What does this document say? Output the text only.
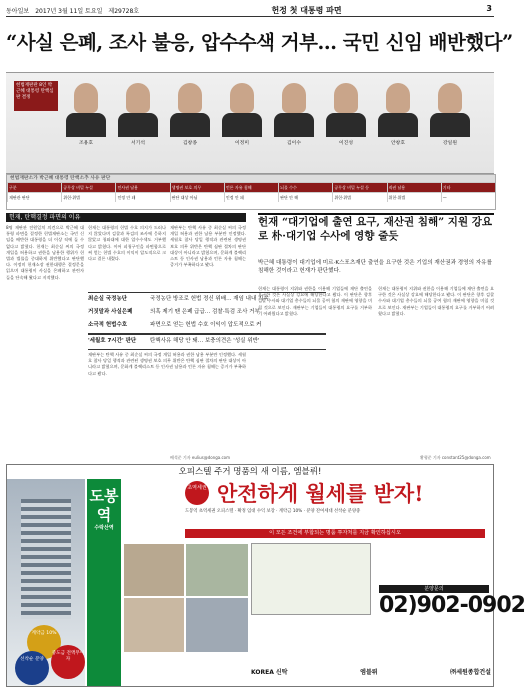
동아일보 2017년 3월 11일 토요일 제29728호	헌정 첫 대통령 파면	3
“사실 은폐, 조사 불응, 압수수색 거부… 국민 신임 배반했다”
헌법재판관 8인 박근혜 대통령 탄핵심판 결정
조용호	서기석	김창종	이정미	김이수	이진성	안창호	강일원
헌법재판소가 박근혜 대통령 탄핵소추 사유 판단
구분	공무상 비밀 누설	인사권 남용	생명권 보호 의무	언론 자유 침해	뇌물 수수	공무상 비밀 누설 등	직권 남용	기타
재판관 판단	위헌·위법	인정 안 돼	판단 대상 아님	인정 안 돼	판단 안 해	위헌·위법	위헌·위법	—
헌재, 탄핵결정 파면의 이유
8명 재판관 전원일치 의견으로 박근혜 대통령 파면을 결정한 헌법재판소는 국민 신임을 배반한 대통령을 더 이상 직에 둘 수 없다고 밝혔다. 헌재는 최순실 씨의 국정 개입을 허용하고 권한을 남용한 행위가 헌법과 법률을 중대하게 위반했다고 판단했다. 이정미 헌재소장 권한대행은 결정문을 읽으며 대통령이 사실을 은폐하고 관련자들을 단속해 왔다고 지적했다.
헌재는 대통령의 헌법 수호 의지가 드러나지 않았다며 검찰과 특검의 조사에 응하지 않았고 청와대에 대한 압수수색도 거부했다고 밝혔다. 이어 피청구인을 파면함으로써 얻는 헌법 수호의 이익이 압도적으로 크다고 결론 내렸다.
재판부는 탄핵 사유 중 최순실 씨의 국정 개입 허용과 권한 남용 부분만 인정했다. 세월호 참사 당일 행적과 관련된 생명권 보호 의무 위반은 탄핵 심판 절차의 판단 대상이 아니라고 밝혔으며, 문화계 블랙리스트 등 인사권 남용과 언론 자유 침해는 증거가 부족하다고 봤다.
최순실 국정농단	국정농단 방조로 헌법 정신 위배… 재임 내내 지속
거짓말과 사실은폐	의혹 제기 땐 은폐 급급… 검찰·특검 조사 거부
소극적 헌법수호	파면으로 얻는 헌법 수호 이익이 압도적으로 커
'세월호 7시간' 판단	탄핵사유 해당 안 돼… 보충의견은 '성실 위반'
재판부는 탄핵 사유 중 최순실 씨의 국정 개입 허용과 권한 남용 부분만 인정했다. 세월호 참사 당일 행적과 관련된 생명권 보호 의무 위반은 탄핵 심판 절차의 판단 대상이 아니라고 밝혔으며, 문화계 블랙리스트 등 인사권 남용과 언론 자유 침해는 증거가 부족하다고 봤다.
배석준 기자 eulius@donga.com
헌재 “대기업에 출연 요구, 재산권 침해” 지원 강요로 朴·대기업 수사에 영향 줄듯
박근혜 대통령이 대기업에 미르·K스포츠재단 출연을 요구한 것은 기업의 재산권과 경영의 자유를 침해한 것이라고 헌재가 판단했다.
헌재는 대통령이 지위와 권한을 이용해 기업들에 재단 출연을 요구한 것은 사실상 강요에 해당한다고 봤다. 이 판단은 향후 검찰 수사와 대기업 총수들의 뇌물 공여 혐의 재판에 영향을 미칠 것으로 보인다. 재판부는 기업들이 대통령의 요구를 거부하기 어려웠다고 밝혔다.
헌재는 대통령이 지위와 권한을 이용해 기업들에 재단 출연을 요구한 것은 사실상 강요에 해당한다고 봤다. 이 판단은 향후 검찰 수사와 대기업 총수들의 뇌물 공여 혐의 재판에 영향을 미칠 것으로 보인다. 재판부는 기업들이 대통령의 요구를 거부하기 어려웠다고 밝혔다.
황형준 기자 constant25@donga.com
오피스텔 주거 명품의 새 이름, 엠블뤼!
계약금 10%
중도금 전액무이자
선착순 분양
도봉역
수락산역
초역세권 안전하게 월세를 받자!
도봉역 초역세권 오피스텔 · 확정 임대 수익 보장 · 계약금 10% · 분양 잔여세대 선착순 분양중
이 모든 조건에 부합되는 명품 투자처를 지금 확인하십시오
분양문의
02)902-0902
KOREA 신탁	엠블뤼	㈜세원종합건설
